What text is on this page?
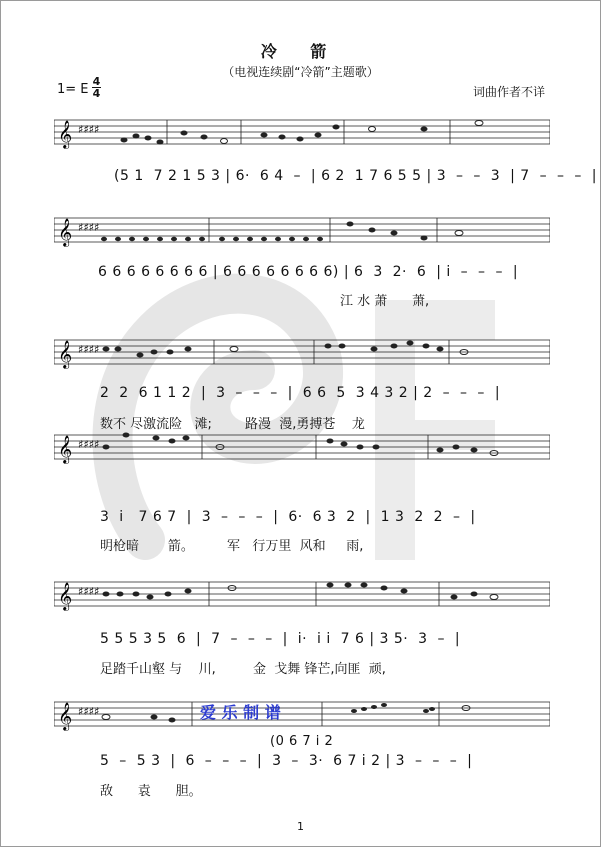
冷 箭
（电视连续剧“冷箭”主题歌）
1= E
4
4	词曲作者不详
𝄞 ♯♯♯♯
𝄞 ♯♯♯♯
𝄞 ♯♯♯♯
𝄞 ♯♯♯♯
𝄞 ♯♯♯♯
𝄞 ♯♯♯♯	爱 乐 制 谱
(5 1  7 2 1 5 3 | 6·  6 4  –  | 6 2  1 7 6 5 5 | 3  –  –  3  | 7  –  –  –  |
6 6 6 6 6 6 6 6 | 6 6 6 6 6 6 6 6) | 6  3  2·  6  | i  –  –  –  |
江 水 萧      萧,
2  2  6 1 1 2  |  3  –  –  –  |  6 6  5  3 4 3 2 | 2  –  –  –  |
数不 尽激流险   滩;        路漫  漫,勇搏苍    龙
3  i   7 6 7  |  3  –  –  –  |  6·  6 3  2  |  1 3  2  2  –  |
明枪暗       箭。        军   行万里  风和     雨,
5 5 5 3 5  6  |  7  –  –  –  |  i·  i i  7 6 | 3 5·  3  –  |
足踏千山壑 与    川,         金  戈舞 锋芒,向匪  顽,
(0 6 7 i 2
5  –  5 3  |  6  –  –  –  |  3  –  3·  6 7 i 2 | 3  –  –  –  |
敌      袁      胆。
1
